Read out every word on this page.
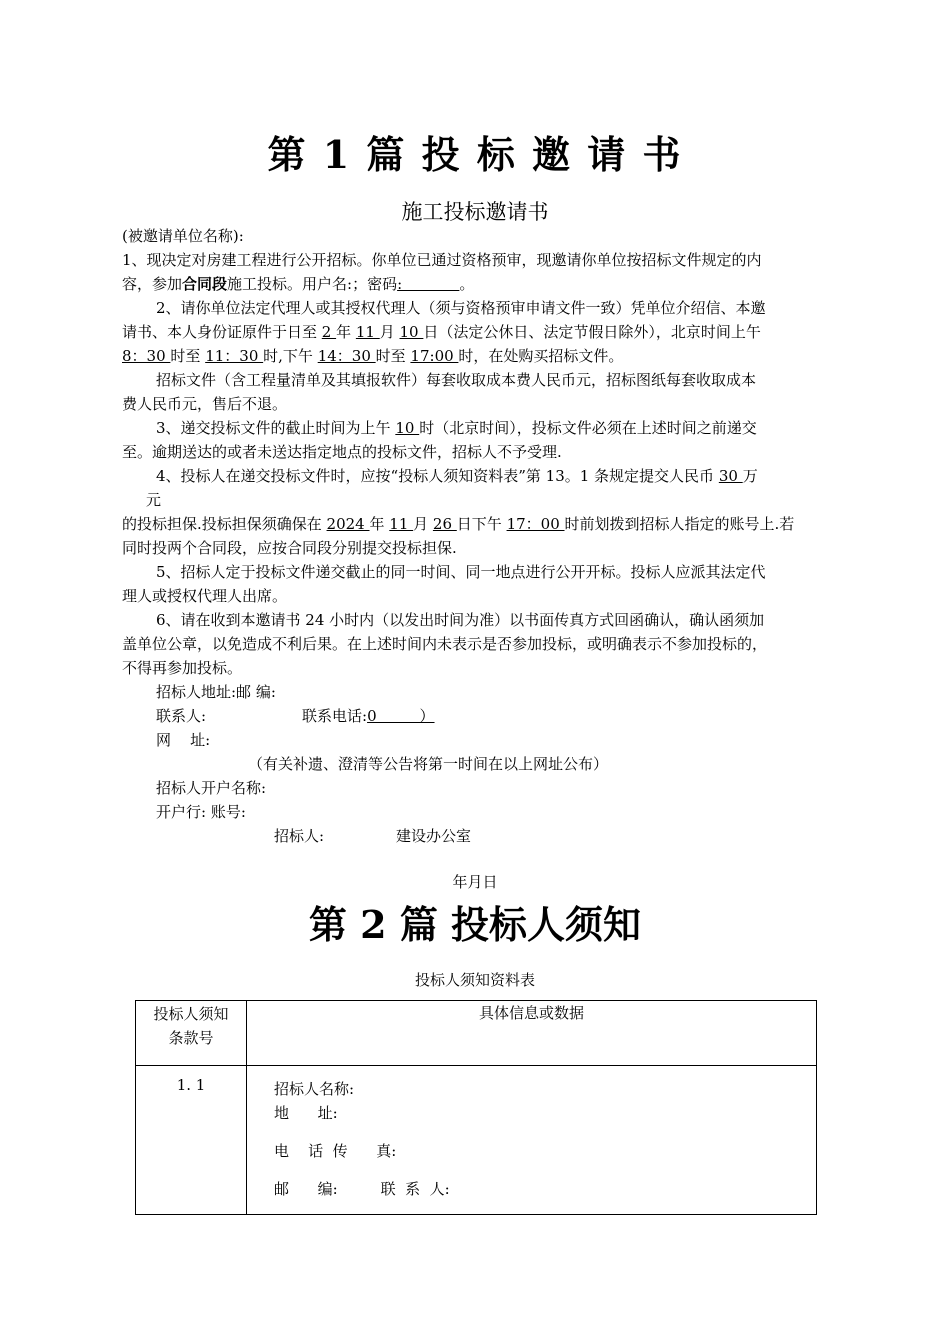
第 1 篇 投 标 邀 请 书
施工投标邀请书
(被邀请单位名称):
1、现决定对房建工程进行公开招标。你单位已通过资格预审，现邀请你单位按招标文件规定的内
容，参加合同段施工投标。用户名:；密码:            。
2、请你单位法定代理人或其授权代理人（须与资格预审申请文件一致）凭单位介绍信、本邀
请书、本人身份证原件于日至 2 年 11 月 10 日（法定公休日、法定节假日除外），北京时间上午
8：30 时至 11：30 时,下午 14：30 时至 17:00 时，在处购买招标文件。
招标文件（含工程量清单及其填报软件）每套收取成本费人民币元，招标图纸每套收取成本
费人民币元，售后不退。
3、递交投标文件的截止时间为上午 10 时（北京时间），投标文件必须在上述时间之前递交
至。逾期送达的或者未送达指定地点的投标文件，招标人不予受理.
4、投标人在递交投标文件时，应按“投标人须知资料表”第 13。1 条规定提交人民币 30 万
元
的投标担保.投标担保须确保在 2024 年 11 月 26 日下午 17：00 时前划拨到招标人指定的账号上.若
同时投两个合同段，应按合同段分别提交投标担保.
5、招标人定于投标文件递交截止的同一时间、同一地点进行公开开标。投标人应派其法定代
理人或授权代理人出席。
6、请在收到本邀请书 24 小时内（以发出时间为准）以书面传真方式回函确认，确认函须加
盖单位公章，以免造成不利后果。在上述时间内未表示是否参加投标，或明确表示不参加投标的，
不得再参加投标。
招标人地址:邮 编:
联系人:	联系电话:0         ）
网    址:
（有关补遗、澄清等公告将第一时间在以上网址公布）
招标人开户名称:
开户行: 账号:
招标人:	建设办公室
年月日
第 2 篇 投标人须知
投标人须知资料表
投标人须知条款号	具体信息或数据
1. 1	招标人名称:
地      址:
电    话  传      真:
邮      编:         联  系  人:
